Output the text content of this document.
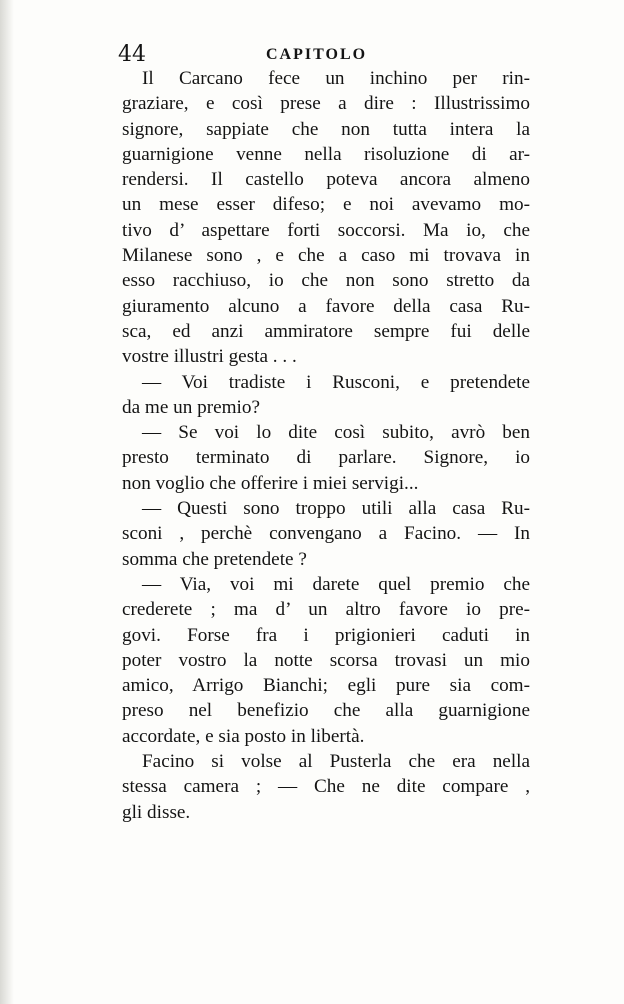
44	CAPITOLO
Il Carcano fece un inchino per rin-
graziare, e così prese a dire : Illustrissimo
signore, sappiate che non tutta intera la
guarnigione venne nella risoluzione di ar-
rendersi. Il castello poteva ancora almeno
un mese esser difeso; e noi avevamo mo-
tivo d’ aspettare forti soccorsi. Ma io, che
Milanese sono , e che a caso mi trovava in
esso racchiuso, io che non sono stretto da
giuramento alcuno a favore della casa Ru-
sca, ed anzi ammiratore sempre fui delle
vostre illustri gesta . . .
— Voi tradiste i Rusconi, e pretendete
da me un premio?
— Se voi lo dite così subito, avrò ben
presto terminato di parlare. Signore, io
non voglio che offerire i miei servigi...
— Questi sono troppo utili alla casa Ru-
sconi , perchè convengano a Facino. — In
somma che pretendete ?
— Via, voi mi darete quel premio che
crederete ; ma d’ un altro favore io pre-
govi. Forse fra i prigionieri caduti in
poter vostro la notte scorsa trovasi un mio
amico, Arrigo Bianchi; egli pure sia com-
preso nel benefizio che alla guarnigione
accordate, e sia posto in libertà.
Facino si volse al Pusterla che era nella
stessa camera ; — Che ne dite compare ,
gli disse.
